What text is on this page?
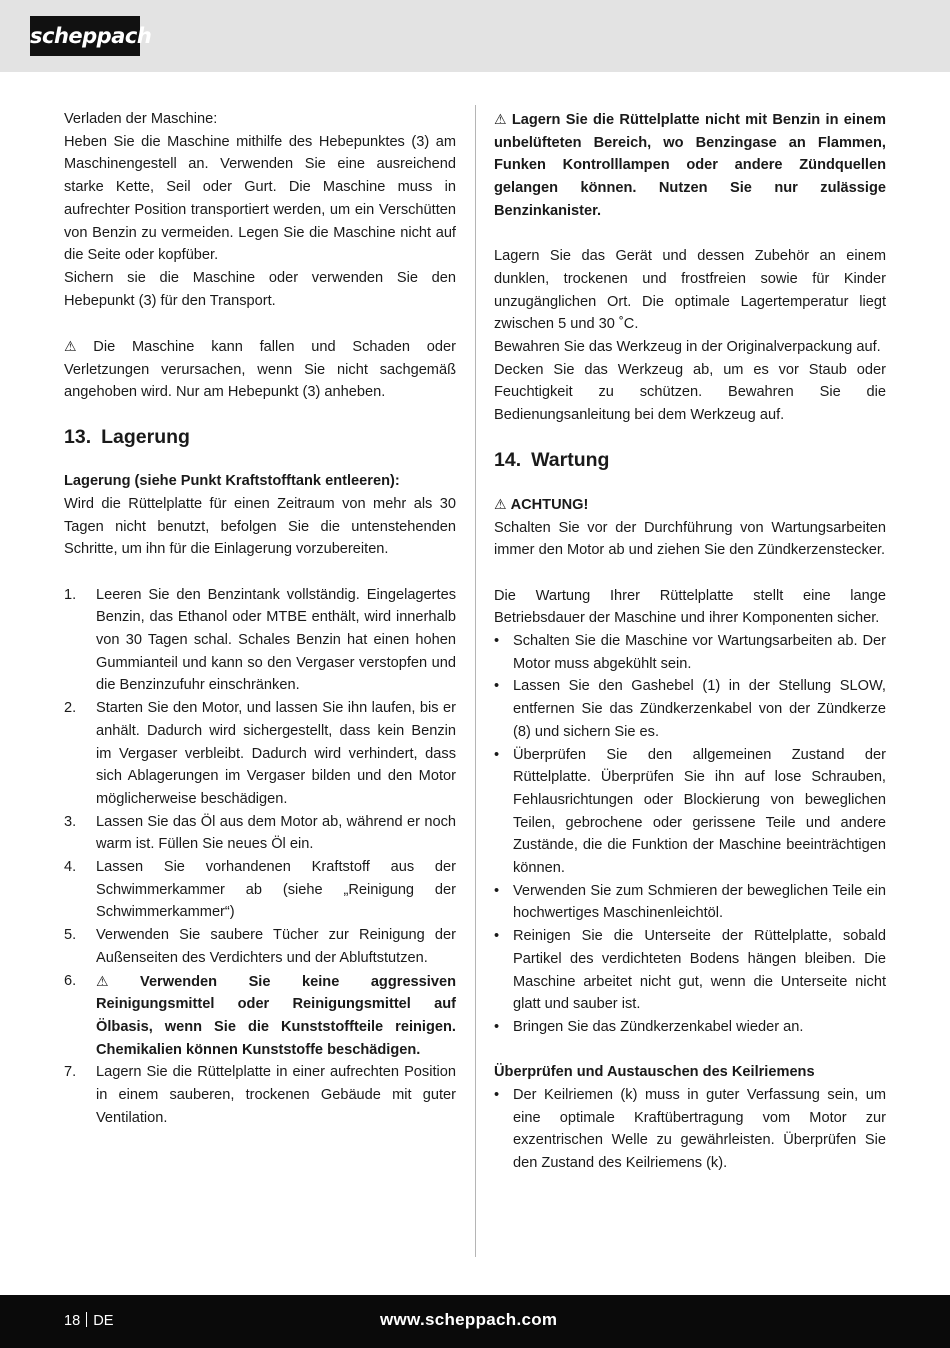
scheppach

Verladen der Maschine:

Heben Sie die Maschine mithilfe des Hebepunktes (3) am Maschinengestell an. Verwenden Sie eine ausreichend starke Kette, Seil oder Gurt. Die Maschine muss in aufrechter Position transportiert werden, um ein Verschütten von Benzin zu vermeiden. Legen Sie die Maschine nicht auf die Seite oder kopfüber.

Sichern sie die Maschine oder verwenden Sie den Hebepunkt (3) für den Transport.

⚠ Die Maschine kann fallen und Schaden oder Verletzungen verursachen, wenn Sie nicht sachgemäß angehoben wird. Nur am Hebepunkt (3) anheben.

13. Lagerung

Lagerung (siehe Punkt Kraftstofftank entleeren):

Wird die Rüttelplatte für einen Zeitraum von mehr als 30 Tagen nicht benutzt, befolgen Sie die untenstehenden Schritte, um ihn für die Einlagerung vorzubereiten.

1. Leeren Sie den Benzintank vollständig. Eingelagertes Benzin, das Ethanol oder MTBE enthält, wird innerhalb von 30 Tagen schal. Schales Benzin hat einen hohen Gummianteil und kann so den Vergaser verstopfen und die Benzinzufuhr einschränken.
2. Starten Sie den Motor, und lassen Sie ihn laufen, bis er anhält. Dadurch wird sichergestellt, dass kein Benzin im Vergaser verbleibt. Dadurch wird verhindert, dass sich Ablagerungen im Vergaser bilden und den Motor möglicherweise beschädigen.
3. Lassen Sie das Öl aus dem Motor ab, während er noch warm ist. Füllen Sie neues Öl ein.
4. Lassen Sie vorhandenen Kraftstoff aus der Schwimmerkammer ab (siehe „Reinigung der Schwimmerkammer“)
5. Verwenden Sie saubere Tücher zur Reinigung der Außenseiten des Verdichters und der Abluftstutzen.
6. ⚠ Verwenden Sie keine aggressiven Reinigungsmittel oder Reinigungsmittel auf Ölbasis, wenn Sie die Kunststoffteile reinigen. Chemikalien können Kunststoffe beschädigen.
7. Lagern Sie die Rüttelplatte in einer aufrechten Position in einem sauberen, trockenen Gebäude mit guter Ventilation.

⚠ Lagern Sie die Rüttelplatte nicht mit Benzin in einem unbelüfteten Bereich, wo Benzingase an Flammen, Funken Kontrolllampen oder andere Zündquellen gelangen können. Nutzen Sie nur zulässige Benzinkanister.

Lagern Sie das Gerät und dessen Zubehör an einem dunklen, trockenen und frostfreien sowie für Kinder unzugänglichen Ort. Die optimale Lagertemperatur liegt zwischen 5 und 30 ˚C.

Bewahren Sie das Werkzeug in der Originalverpackung auf.

Decken Sie das Werkzeug ab, um es vor Staub oder Feuchtigkeit zu schützen. Bewahren Sie die Bedienungsanleitung bei dem Werkzeug auf.

14. Wartung

⚠ ACHTUNG!

Schalten Sie vor der Durchführung von Wartungsarbeiten immer den Motor ab und ziehen Sie den Zündkerzenstecker.

Die Wartung Ihrer Rüttelplatte stellt eine lange Betriebsdauer der Maschine und ihrer Komponenten sicher.

• Schalten Sie die Maschine vor Wartungsarbeiten ab. Der Motor muss abgekühlt sein.
• Lassen Sie den Gashebel (1) in der Stellung SLOW, entfernen Sie das Zündkerzenkabel von der Zündkerze (8) und sichern Sie es.
• Überprüfen Sie den allgemeinen Zustand der Rüttelplatte. Überprüfen Sie ihn auf lose Schrauben, Fehlausrichtungen oder Blockierung von beweglichen Teilen, gebrochene oder gerissene Teile und andere Zustände, die die Funktion der Maschine beeinträchtigen können.
• Verwenden Sie zum Schmieren der beweglichen Teile ein hochwertiges Maschinenleichtöl.
• Reinigen Sie die Unterseite der Rüttelplatte, sobald Partikel des verdichteten Bodens hängen bleiben. Die Maschine arbeitet nicht gut, wenn die Unterseite nicht glatt und sauber ist.
• Bringen Sie das Zündkerzenkabel wieder an.

Überprüfen und Austauschen des Keilriemens

• Der Keilriemen (k) muss in guter Verfassung sein, um eine optimale Kraftübertragung vom Motor zur exzentrischen Welle zu gewährleisten. Überprüfen Sie den Zustand des Keilriemens (k).
18 DE	www.scheppach.com
